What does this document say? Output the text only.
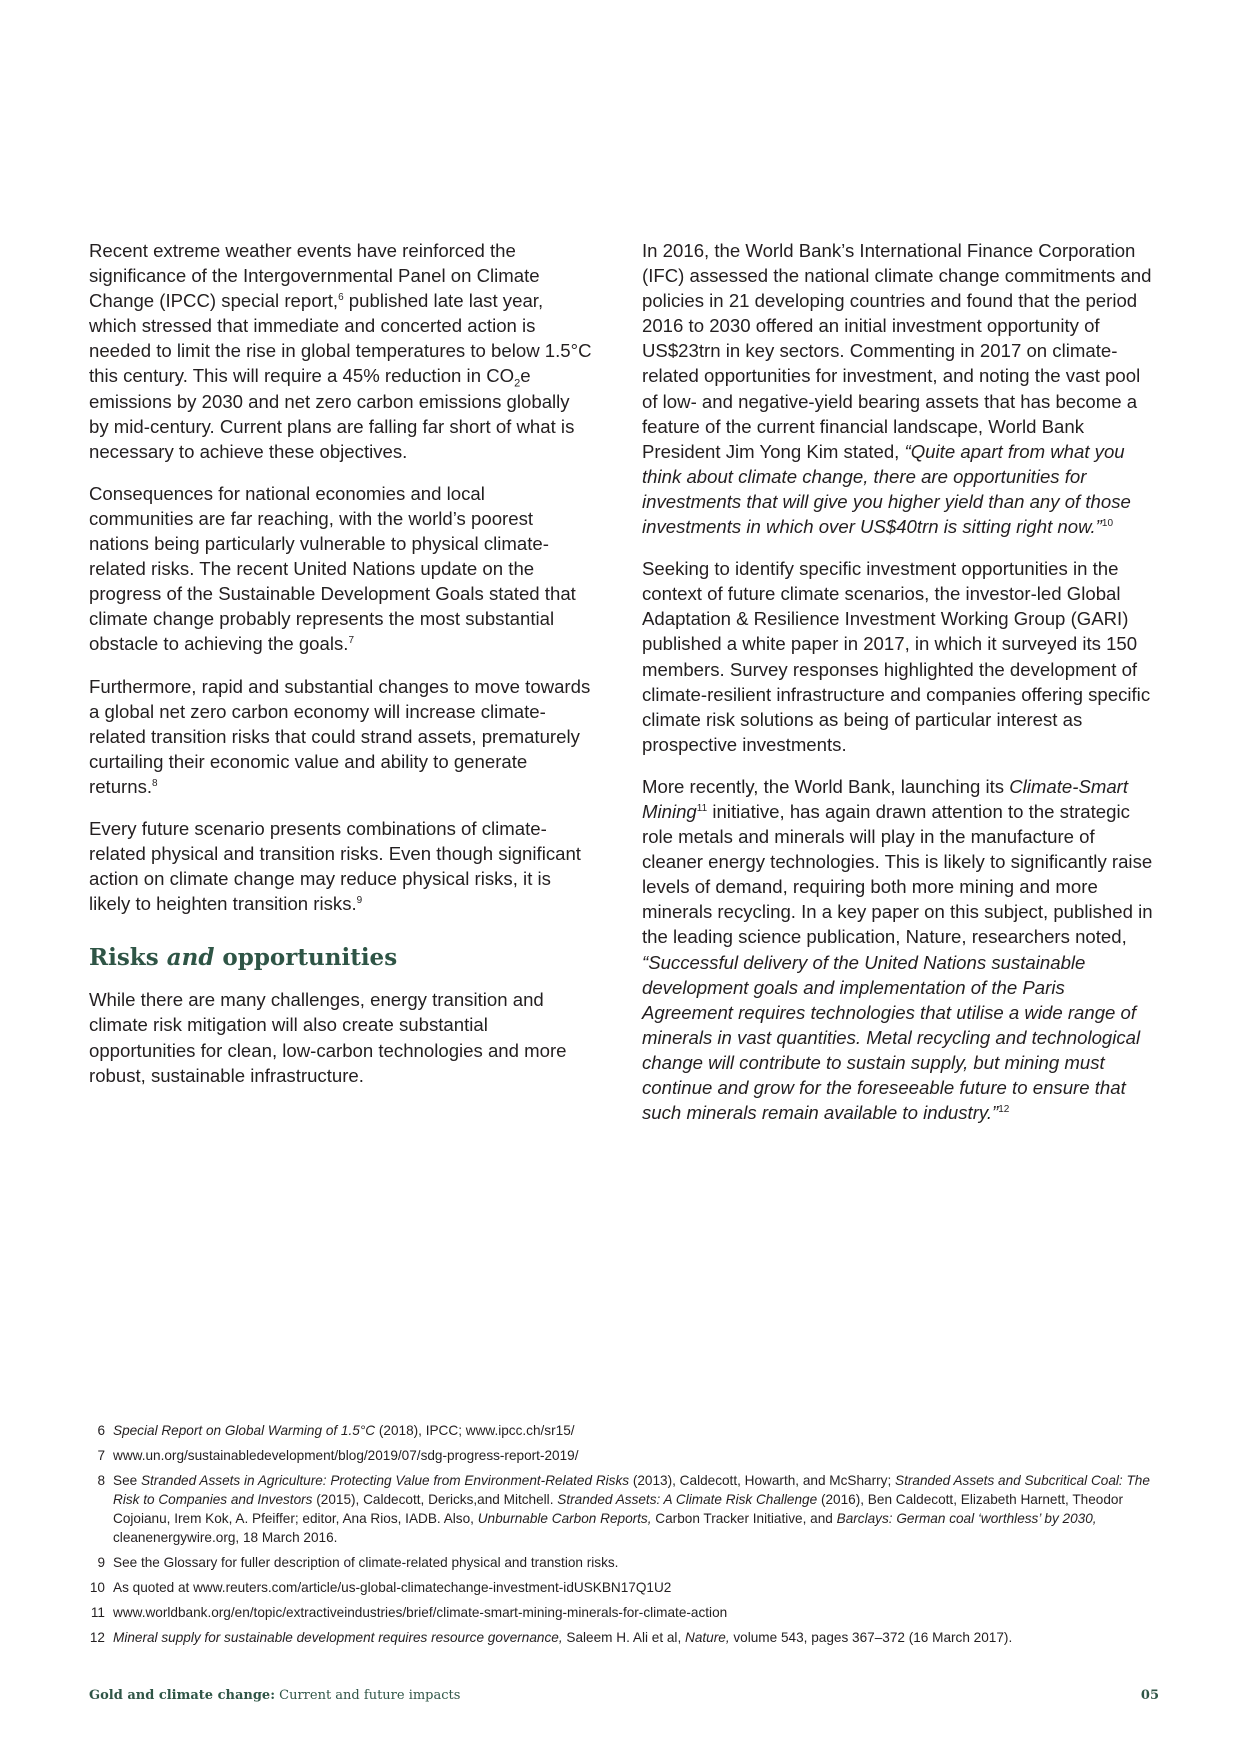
Recent extreme weather events have reinforced the significance of the Intergovernmental Panel on Climate Change (IPCC) special report,$^6$ published late last year, which stressed that immediate and concerted action is needed to limit the rise in global temperatures to below 1.5°C this century. This will require a 45% reduction in $CO_2e$ emissions by 2030 and net zero carbon emissions globally by mid-century. Current plans are falling far short of what is necessary to achieve these objectives.

Consequences for national economies and local communities are far reaching, with the world’s poorest nations being particularly vulnerable to physical climate-related risks. The recent United Nations update on the progress of the Sustainable Development Goals stated that climate change probably represents the most substantial obstacle to achieving the goals.$^7$

Furthermore, rapid and substantial changes to move towards a global net zero carbon economy will increase climate-related transition risks that could strand assets, prematurely curtailing their economic value and ability to generate returns.$^8$

Every future scenario presents combinations of climate-related physical and transition risks. Even though significant action on climate change may reduce physical risks, it is likely to heighten transition risks.$^9$

Risks and opportunities

While there are many challenges, energy transition and climate risk mitigation will also create substantial opportunities for clean, low-carbon technologies and more robust, sustainable infrastructure.

In 2016, the World Bank’s International Finance Corporation (IFC) assessed the national climate change commitments and policies in 21 developing countries and found that the period 2016 to 2030 offered an initial investment opportunity of US$23trn in key sectors. Commenting in 2017 on climate-related opportunities for investment, and noting the vast pool of low- and negative-yield bearing assets that has become a feature of the current financial landscape, World Bank President Jim Yong Kim stated, “Quite apart from what you think about climate change, there are opportunities for investments that will give you higher yield than any of those investments in which over US$40trn is sitting right now.”$^{10}$

Seeking to identify specific investment opportunities in the context of future climate scenarios, the investor-led Global Adaptation & Resilience Investment Working Group (GARI) published a white paper in 2017, in which it surveyed its 150 members. Survey responses highlighted the development of climate-resilient infrastructure and companies offering specific climate risk solutions as being of particular interest as prospective investments.

More recently, the World Bank, launching its Climate-Smart Mining$^{11}$ initiative, has again drawn attention to the strategic role metals and minerals will play in the manufacture of cleaner energy technologies. This is likely to significantly raise levels of demand, requiring both more mining and more minerals recycling. In a key paper on this subject, published in the leading science publication, Nature, researchers noted, “Successful delivery of the United Nations sustainable development goals and implementation of the Paris Agreement requires technologies that utilise a wide range of minerals in vast quantities. Metal recycling and technological change will contribute to sustain supply, but mining must continue and grow for the foreseeable future to ensure that such minerals remain available to industry.”$^{12}$

6 Special Report on Global Warming of 1.5°C (2018), IPCC; www.ipcc.ch/sr15/
7 www.un.org/sustainabledevelopment/blog/2019/07/sdg-progress-report-2019/
8 See Stranded Assets in Agriculture: Protecting Value from Environment-Related Risks (2013), Caldecott, Howarth, and McSharry; Stranded Assets and Subcritical Coal: The Risk to Companies and Investors (2015), Caldecott, Dericks,and Mitchell. Stranded Assets: A Climate Risk Challenge (2016), Ben Caldecott, Elizabeth Harnett, Theodor Cojoianu, Irem Kok, A. Pfeiffer; editor, Ana Rios, IADB. Also, Unburnable Carbon Reports, Carbon Tracker Initiative, and Barclays: German coal ‘worthless’ by 2030, cleanenergywire.org, 18 March 2016.
9 See the Glossary for fuller description of climate-related physical and transtion risks.
10 As quoted at www.reuters.com/article/us-global-climatechange-investment-idUSKBN17Q1U2
11 www.worldbank.org/en/topic/extractiveindustries/brief/climate-smart-mining-minerals-for-climate-action
12 Mineral supply for sustainable development requires resource governance, Saleem H. Ali et al, Nature, volume 543, pages 367–372 (16 March 2017).
Gold and climate change: Current and future impacts	05
